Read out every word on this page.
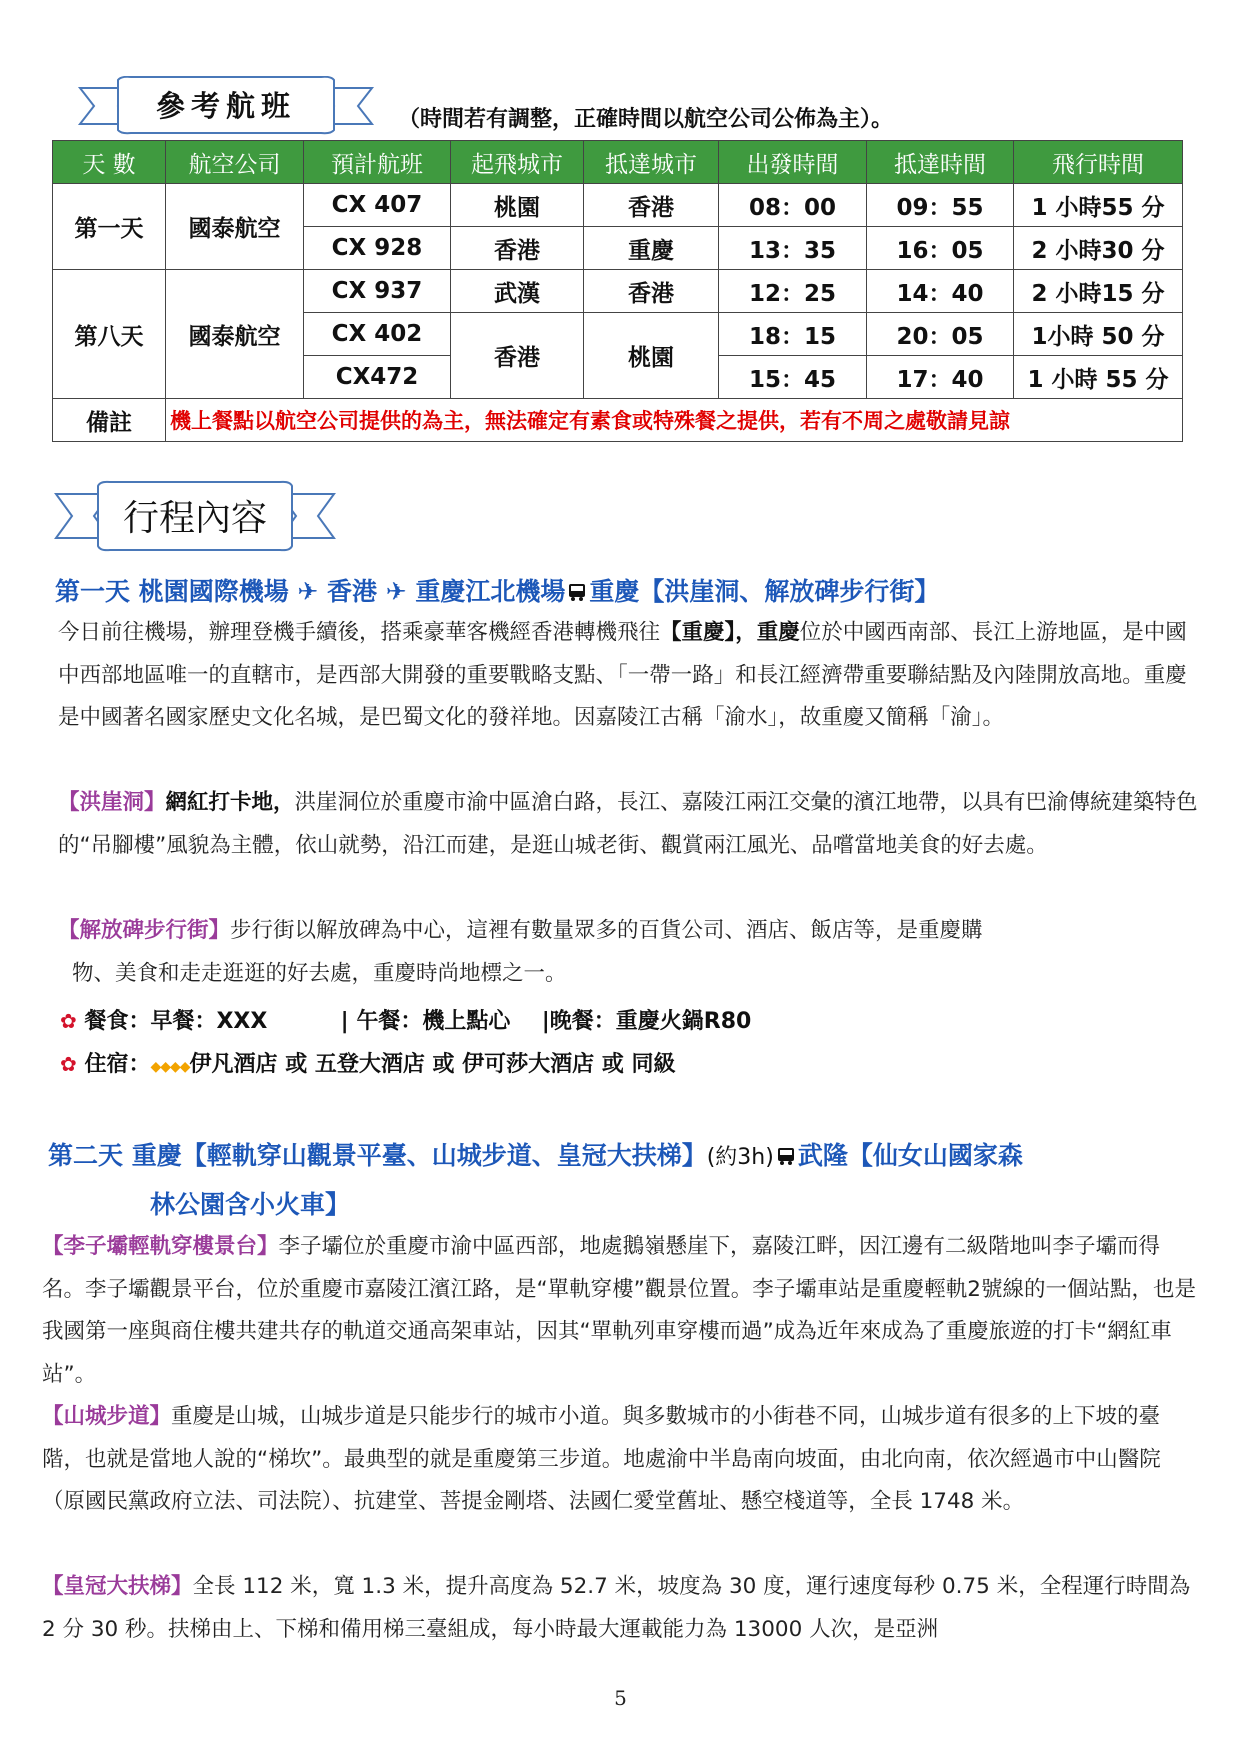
參考航班	（時間若有調整，正確時間以航空公司公佈為主）。
天 數	航空公司	預計航班	起飛城市	抵達城市	出發時間	抵達時間	飛行時間
第一天	國泰航空	CX 407	桃園	香港	08：00	09：55	1 小時55 分
		CX 928	香港	重慶	13：35	16：05	2 小時30 分
第八天	國泰航空	CX 937	武漢	香港	12：25	14：40	2 小時15 分
		CX 402	香港	桃園	18：15	20：05	1小時 50 分
		CX472			15：45	17：40	1 小時 55 分
備註	機上餐點以航空公司提供的為主，無法確定有素食或特殊餐之提供，若有不周之處敬請見諒						
行程內容
第一天 桃園國際機場 ✈ 香港 ✈ 重慶江北機場 重慶【洪崖洞、解放碑步行街】
今日前往機場，辦理登機手續後，搭乘豪華客機經香港轉機飛往【重慶】，重慶位於中國西南部、長江上游地區，是中國中西部地區唯一的直轄市，是西部大開發的重要戰略支點、「一帶一路」和長江經濟帶重要聯結點及內陸開放高地。重慶是中國著名國家歷史文化名城，是巴蜀文化的發祥地。因嘉陵江古稱「渝水」，故重慶又簡稱「渝」。
【洪崖洞】網紅打卡地，洪崖洞位於重慶市渝中區滄白路，長江、嘉陵江兩江交彙的濱江地帶，以具有巴渝傳統建築特色的“吊腳樓”風貌為主體，依山就勢，沿江而建，是逛山城老街、觀賞兩江風光、品嚐當地美食的好去處。
【解放碑步行街】步行街以解放碑為中心，這裡有數量眾多的百貨公司、酒店、飯店等，是重慶購
物、美食和走走逛逛的好去處，重慶時尚地標之一。
✿ 餐食：早餐：XXX	| 午餐：機上點心 |晚餐：重慶火鍋R80
✿ 住宿：◆◆◆◆伊凡酒店 或 五登大酒店 或 伊可莎大酒店 或 同級
第二天 重慶【輕軌穿山觀景平臺、山城步道、皇冠大扶梯】(約3h) 武隆【仙女山國家森
林公園含小火車】
【李子壩輕軌穿樓景台】李子壩位於重慶市渝中區西部，地處鵝嶺懸崖下，嘉陵江畔，因江邊有二級階地叫李子壩而得名。李子壩觀景平台，位於重慶市嘉陵江濱江路，是“單軌穿樓”觀景位置。李子壩車站是重慶輕軌2號線的一個站點，也是我國第一座與商住樓共建共存的軌道交通高架車站，因其“單軌列車穿樓而過”成為近年來成為了重慶旅遊的打卡“網紅車站”。
【山城步道】重慶是山城，山城步道是只能步行的城市小道。與多數城市的小街巷不同，山城步道有很多的上下坡的臺階，也就是當地人說的“梯坎”。最典型的就是重慶第三步道。地處渝中半島南向坡面，由北向南，依次經過市中山醫院（原國民黨政府立法、司法院）、抗建堂、菩提金剛塔、法國仁愛堂舊址、懸空棧道等，全長 1748 米。
【皇冠大扶梯】全長 112 米，寬 1.3 米，提升高度為 52.7 米，坡度為 30 度，運行速度每秒 0.75 米，全程運行時間為 2 分 30 秒。扶梯由上、下梯和備用梯三臺組成，每小時最大運載能力為 13000 人次，是亞洲
5
